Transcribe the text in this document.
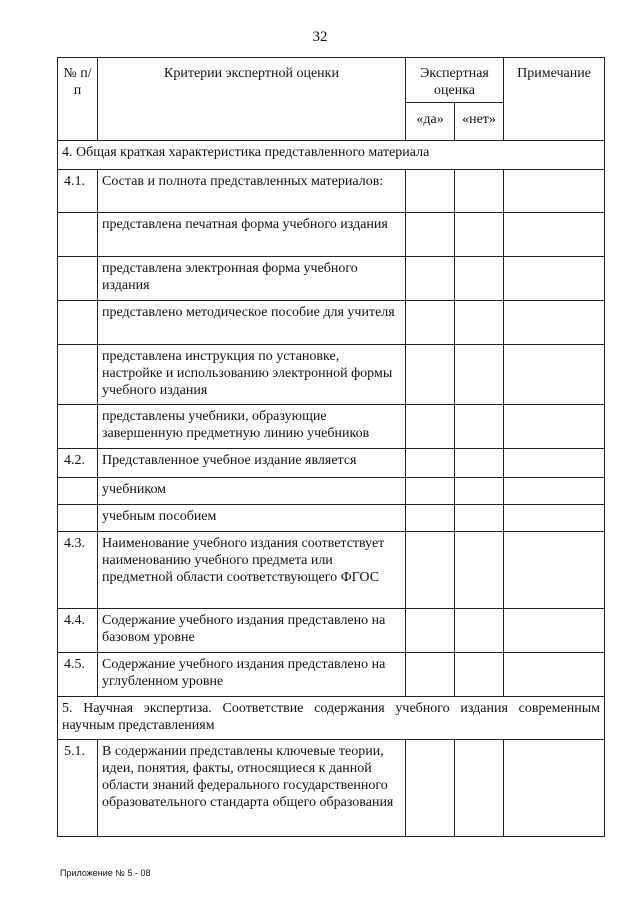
32
№ п/п	Критерии экспертной оценки	Экспертная оценка		Примечание
		«да»	«нет»	
4. Общая краткая характеристика представленного материала				
4.1.	Состав и полнота представленных материалов:			
	представлена печатная форма учебного издания			
	представлена электронная форма учебного издания			
	представлено методическое пособие для учителя			
	представлена инструкция по установке, настройке и использованию электронной формы учебного издания			
	представлены учебники, образующие завершенную предметную линию учебников			
4.2.	Представленное учебное издание является			
	учебником			
	учебным пособием			
4.3.	Наименование учебного издания соответствует наименованию учебного предмета или предметной области соответствующего ФГОС			
4.4.	Содержание учебного издания представлено на базовом уровне			
4.5.	Содержание учебного издания представлено на углубленном уровне			
5. Научная экспертиза. Соответствие содержания учебного издания современным научным представлениям				
5.1.	В содержании представлены ключевые теории, идеи, понятия, факты, относящиеся к данной области знаний федерального государственного образовательного стандарта общего образования			
Приложение № 5 - 08
